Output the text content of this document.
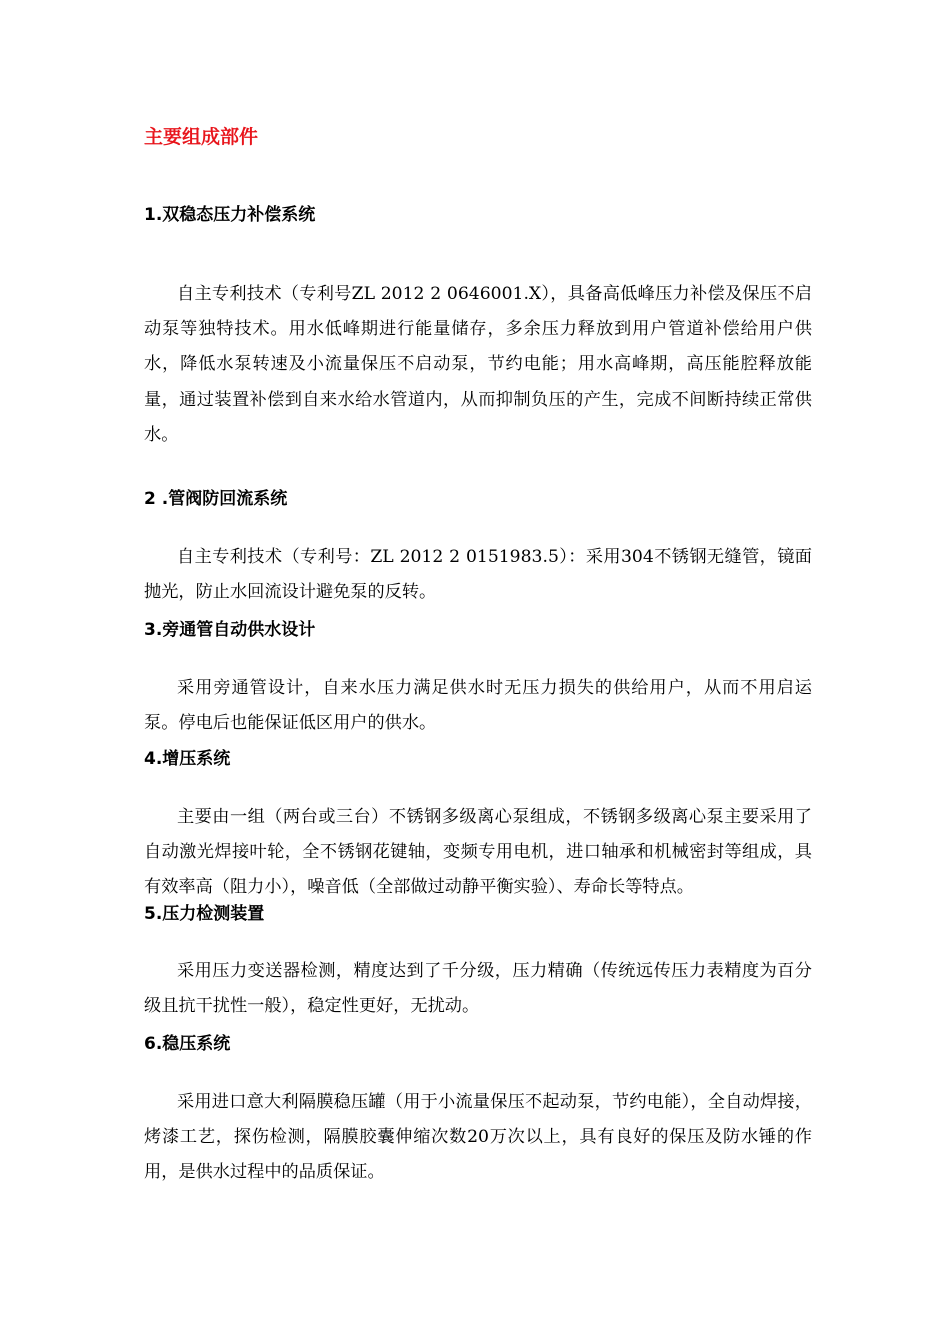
主要组成部件
1.双稳态压力补偿系统
自主专利技术（专利号ZL 2012 2 0646001.X），具备高低峰压力补偿及保压不启动泵等独特技术。用水低峰期进行能量储存，多余压力释放到用户管道补偿给用户供水，降低水泵转速及小流量保压不启动泵，节约电能；用水高峰期，高压能腔释放能量，通过装置补偿到自来水给水管道内，从而抑制负压的产生，完成不间断持续正常供水。
2 .管阀防回流系统
自主专利技术（专利号：ZL 2012 2 0151983.5）：采用304不锈钢无缝管，镜面抛光，防止水回流设计避免泵的反转。
3.旁通管自动供水设计
采用旁通管设计，自来水压力满足供水时无压力损失的供给用户，从而不用启运泵。停电后也能保证低区用户的供水。
4.增压系统
主要由一组（两台或三台）不锈钢多级离心泵组成，不锈钢多级离心泵主要采用了自动激光焊接叶轮，全不锈钢花键轴，变频专用电机，进口轴承和机械密封等组成，具有效率高（阻力小），噪音低（全部做过动静平衡实验）、寿命长等特点。
5.压力检测装置
采用压力变送器检测，精度达到了千分级，压力精确（传统远传压力表精度为百分级且抗干扰性一般），稳定性更好，无扰动。
6.稳压系统
采用进口意大利隔膜稳压罐（用于小流量保压不起动泵，节约电能），全自动焊接，烤漆工艺，探伤检测，隔膜胶囊伸缩次数20万次以上，具有良好的保压及防水锤的作用，是供水过程中的品质保证。
